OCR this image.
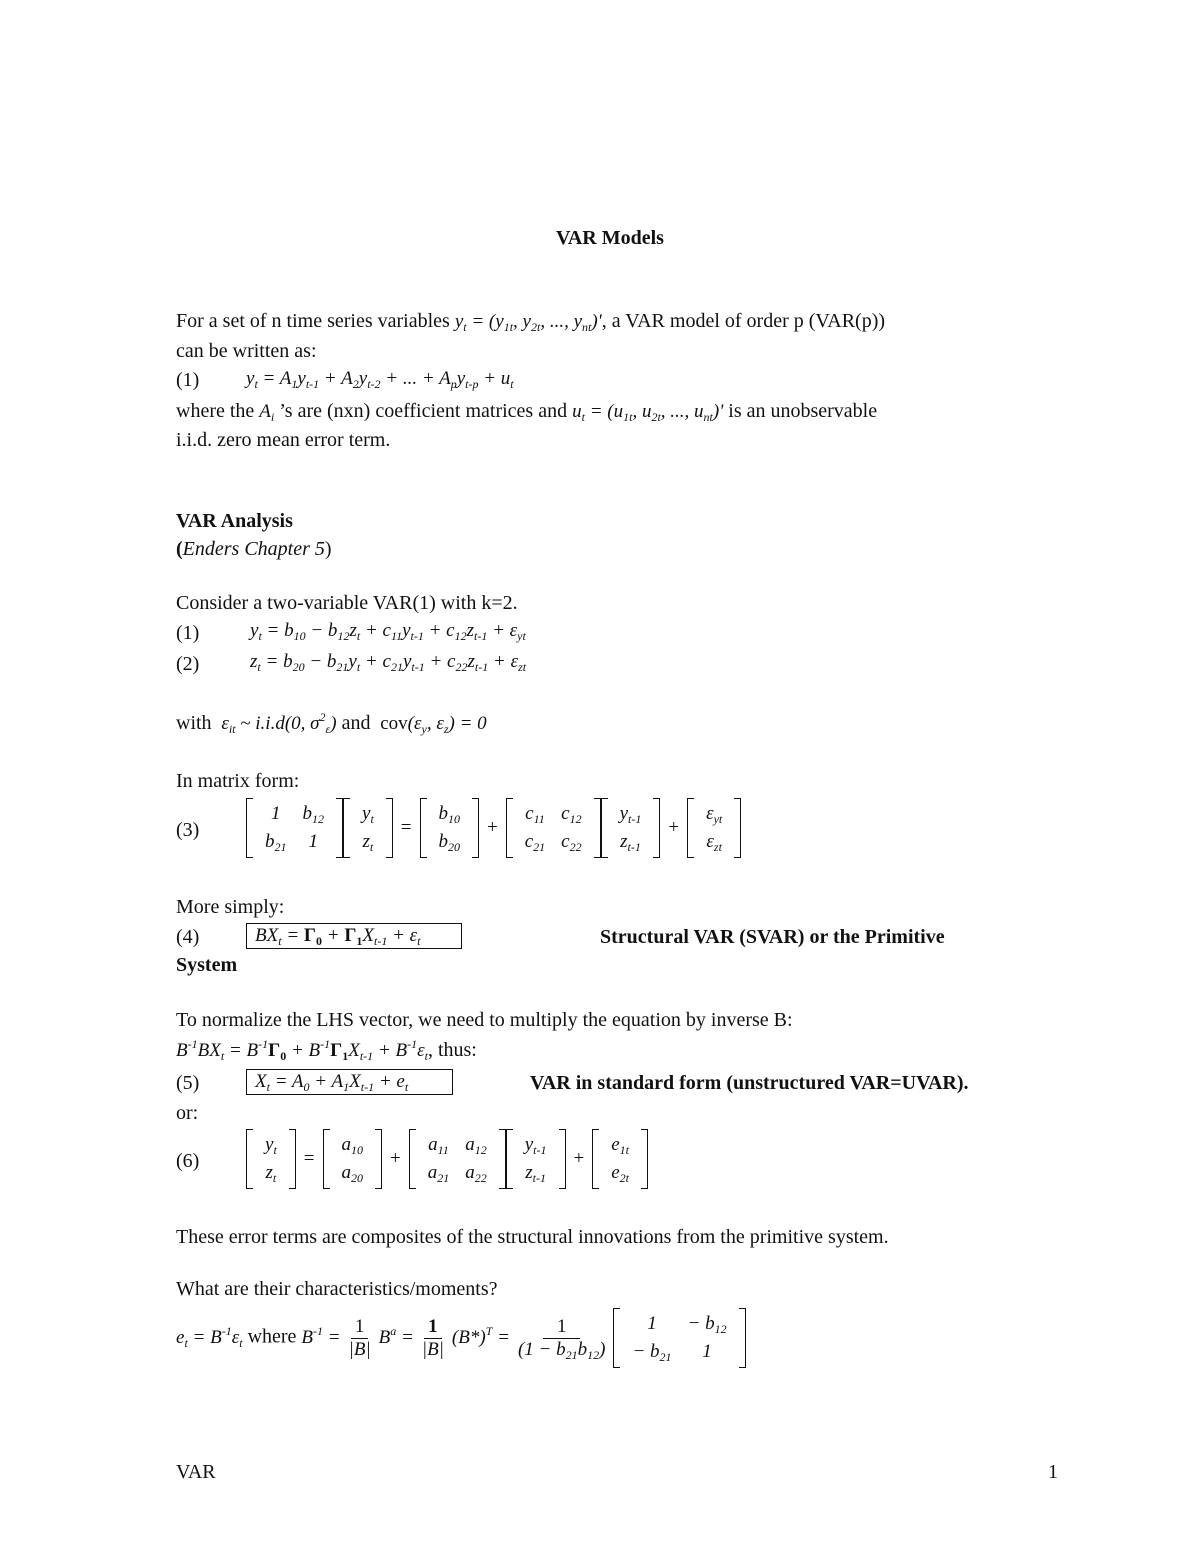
VAR Models
For a set of n time series variables $y_t = (y_{1t}$, $y_{2t}$, ..., $y_{nt})'$, a VAR model of order p (VAR(p))
can be written as:
(1) $y_t = A_1y_{t-1} + A_2y_{t-2}$ + ... + $A_py_{t-p} + u_t$
where the $A_i$ ’s are (nxn) coefficient matrices and $u_t = (u_{1t}$, $u_{2t}$, ..., $u_{nt})'$ is an unobservable
i.i.d. zero mean error term.
VAR Analysis
(Enders Chapter 5)
Consider a two-variable VAR(1) with k=2.
(1)	$y_t = b_{10} - b_{12}z_t + c_{11}y_{t-1} + c_{12}z_{t-1} + \varepsilon_{yt}$
(2)	$z_t = b_{20} - b_{21}y_t + c_{21}y_{t-1} + c_{22}z_{t-1} + \varepsilon_{zt}$
with  $\varepsilon_{it}$ ~ i.i.d(0, $\sigma^2_\varepsilon$) and $cov(\varepsilon_y$, $\varepsilon_z) = 0$
In matrix form:
(3)
1	$b_{12}$
$b_{21}$	1
$y_t$
$z_t$
=
$b_{10}$
$b_{20}$
+
$c_{11}$	$c_{12}$
$c_{21}$	$c_{22}$
$y_{t-1}$
$z_{t-1}$
+
$\varepsilon_{yt}$
$\varepsilon_{zt}$
More simply:
(4)	$BX_t = \Gamma_0 + \Gamma_1X_{t-1} + \varepsilon_t$	Structural VAR (SVAR) or the Primitive
System
To normalize the LHS vector, we need to multiply the equation by inverse B:
$B^{-1}BX_t = B^{-1}\Gamma_0 + B^{-1}\Gamma_1X_{t-1} + B^{-1}\varepsilon_t$, thus:
(5)	$X_t = A_0 + A_1X_{t-1} + e_t$	VAR in standard form (unstructured VAR=UVAR).
or:
(6)
$y_t$
$z_t$
=
$a_{10}$
$a_{20}$
+
$a_{11}$	$a_{12}$
$a_{21}$	$a_{22}$
$y_{t-1}$
$z_{t-1}$
+
$e_{1t}$
$e_{2t}$
These error terms are composites of the structural innovations from the primitive system.
What are their characteristics/moments?
$e_t = B^{-1}\varepsilon_t$ where $B^{-1} = \frac{1}{|B|} B^a = \frac{1}{|B|} (B*)^T = \frac{1}{(1 - b_{21}b_{12})} 1$	− $b_{12}$
− $b_{21}$	1
VAR	1
